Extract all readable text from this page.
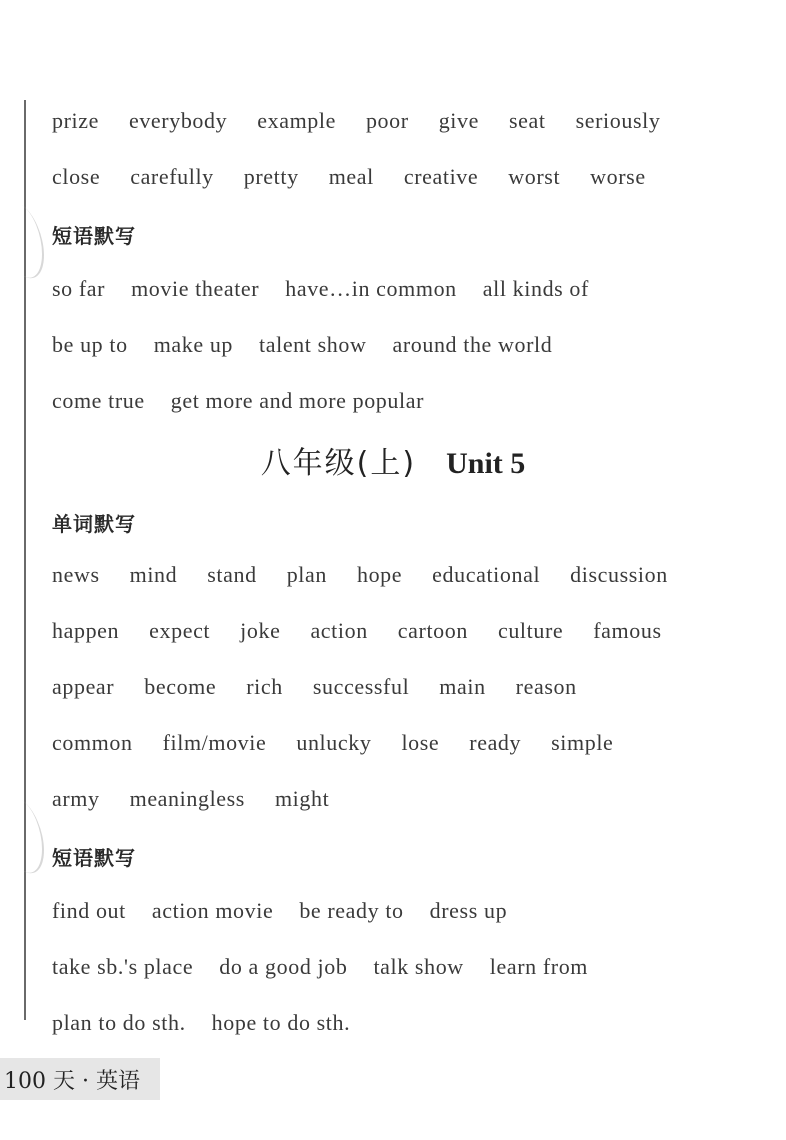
prize everybody example poor give seat seriously
close carefully pretty meal creative worst worse
短语默写
so far movie theater have…in common all kinds of
be up to make up talent show around the world
come true get more and more popular
八年级(上) Unit 5
单词默写
news mind stand plan hope educational discussion
happen expect joke action cartoon culture famous
appear become rich successful main reason
common film/movie unlucky lose ready simple
army meaningless might
短语默写
find out action movie be ready to dress up
take sb.'s place do a good job talk show learn from
plan to do sth. hope to do sth.
100 天 · 英语
